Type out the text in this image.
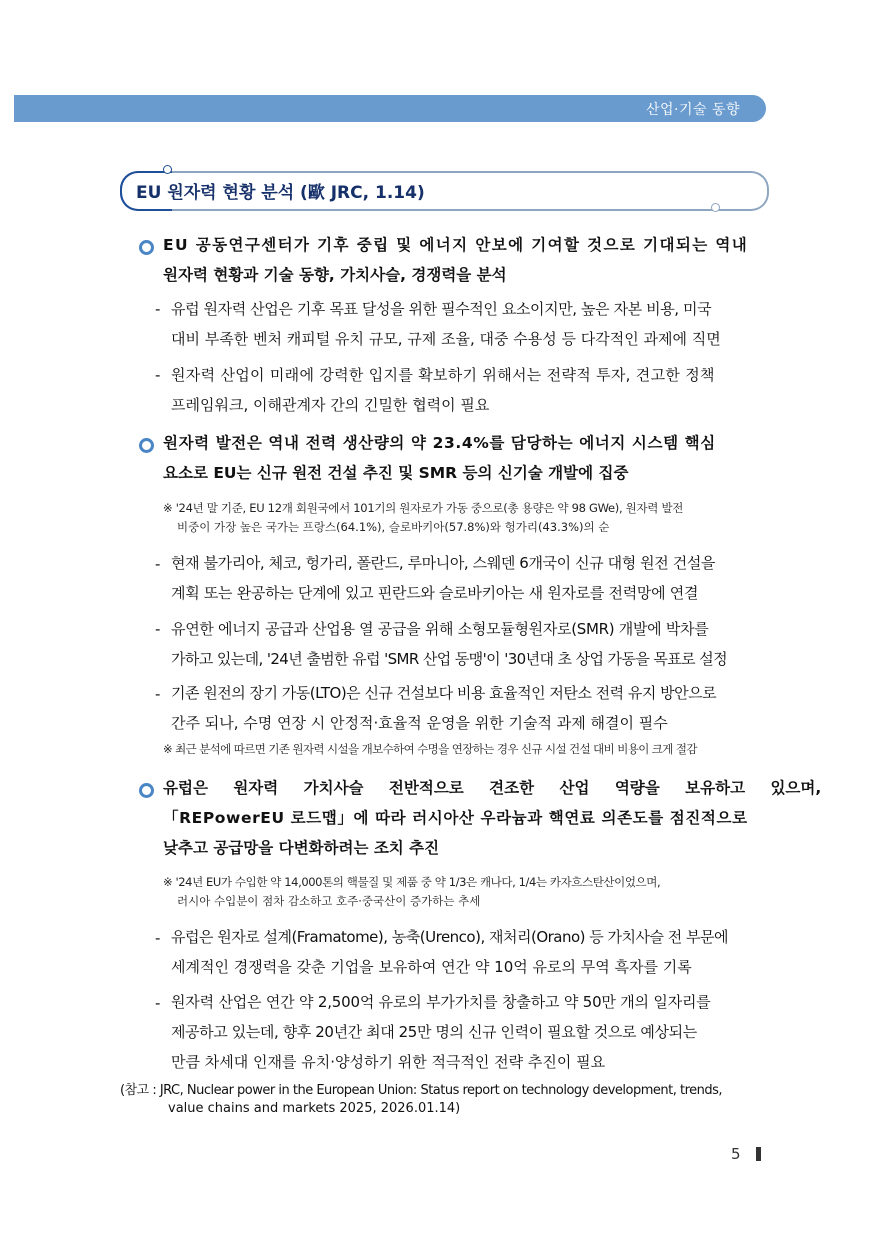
산업·기술 동향
EU 원자력 현황 분석 (歐 JRC, 1.14)
EU 공동연구센터가 기후 중립 및 에너지 안보에 기여할 것으로 기대되는 역내
원자력 현황과 기술 동향, 가치사슬, 경쟁력을 분석
- 유럽 원자력 산업은 기후 목표 달성을 위한 필수적인 요소이지만, 높은 자본 비용, 미국
대비 부족한 벤처 캐피털 유치 규모, 규제 조율, 대중 수용성 등 다각적인 과제에 직면
- 원자력 산업이 미래에 강력한 입지를 확보하기 위해서는 전략적 투자, 견고한 정책
프레임워크, 이해관계자 간의 긴밀한 협력이 필요
원자력 발전은 역내 전력 생산량의 약 23.4%를 담당하는 에너지 시스템 핵심
요소로 EU는 신규 원전 건설 추진 및 SMR 등의 신기술 개발에 집중
※ '24년 말 기준, EU 12개 회원국에서 101기의 원자로가 가동 중으로(총 용량은 약 98 GWe), 원자력 발전
비중이 가장 높은 국가는 프랑스(64.1%), 슬로바키아(57.8%)와 헝가리(43.3%)의 순
- 현재 불가리아, 체코, 헝가리, 폴란드, 루마니아, 스웨덴 6개국이 신규 대형 원전 건설을
계획 또는 완공하는 단계에 있고 핀란드와 슬로바키아는 새 원자로를 전력망에 연결
- 유연한 에너지 공급과 산업용 열 공급을 위해 소형모듈형원자로(SMR) 개발에 박차를
가하고 있는데, '24년 출범한 유럽 'SMR 산업 동맹'이 '30년대 초 상업 가동을 목표로 설정
- 기존 원전의 장기 가동(LTO)은 신규 건설보다 비용 효율적인 저탄소 전력 유지 방안으로
간주 되나, 수명 연장 시 안정적·효율적 운영을 위한 기술적 과제 해결이 필수
※ 최근 분석에 따르면 기존 원자력 시설을 개보수하여 수명을 연장하는 경우 신규 시설 건설 대비 비용이 크게 절감
유럽은 원자력 가치사슬 전반적으로 견조한 산업 역량을 보유하고 있으며,
「REPowerEU 로드맵」에 따라 러시아산 우라늄과 핵연료 의존도를 점진적으로
낮추고 공급망을 다변화하려는 조치 추진
※ '24년 EU가 수입한 약 14,000톤의 핵물질 및 제품 중 약 1/3은 캐나다, 1/4는 카자흐스탄산이었으며,
러시아 수입분이 점차 감소하고 호주·중국산이 증가하는 추세
- 유럽은 원자로 설계(Framatome), 농축(Urenco), 재처리(Orano) 등 가치사슬 전 부문에
세계적인 경쟁력을 갖춘 기업을 보유하여 연간 약 10억 유로의 무역 흑자를 기록
- 원자력 산업은 연간 약 2,500억 유로의 부가가치를 창출하고 약 50만 개의 일자리를
제공하고 있는데, 향후 20년간 최대 25만 명의 신규 인력이 필요할 것으로 예상되는
만큼 차세대 인재를 유치·양성하기 위한 적극적인 전략 추진이 필요
(참고 : JRC, Nuclear power in the European Union: Status report on technology development, trends,
value chains and markets 2025, 2026.01.14)
5
